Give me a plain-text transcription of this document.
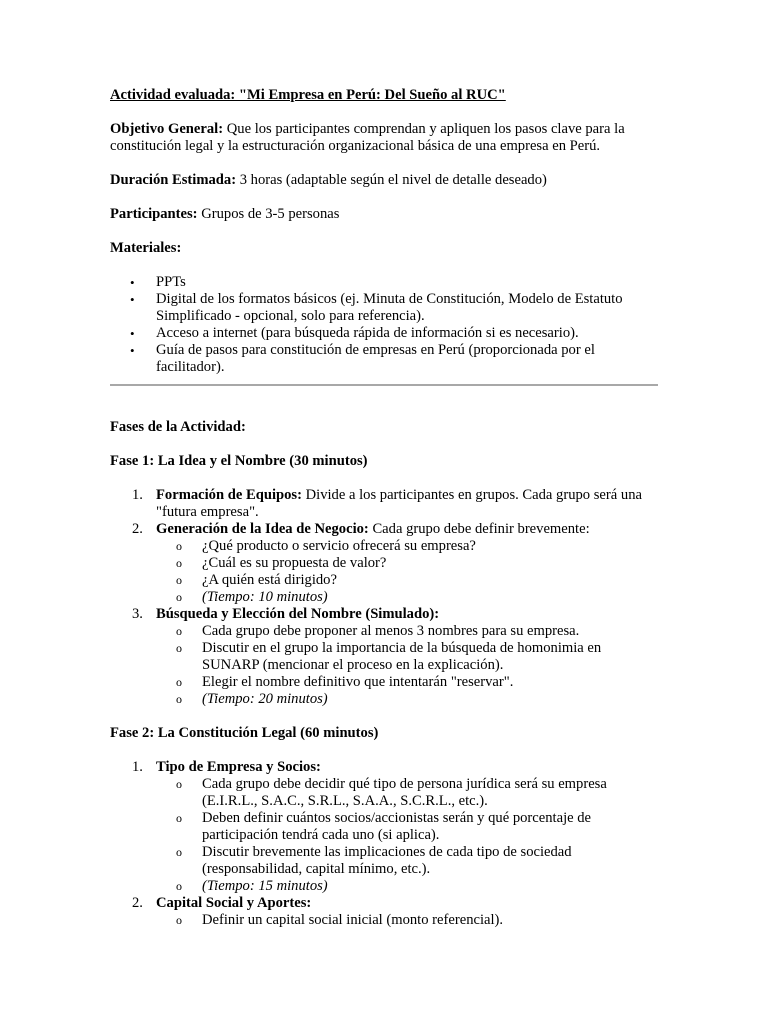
Actividad evaluada: "Mi Empresa en Perú: Del Sueño al RUC"

Objetivo General: Que los participantes comprendan y apliquen los pasos clave para la constitución legal y la estructuración organizacional básica de una empresa en Perú.

Duración Estimada: 3 horas (adaptable según el nivel de detalle deseado)

Participantes: Grupos de 3-5 personas

Materiales:

• PPTs
• Digital de los formatos básicos (ej. Minuta de Constitución, Modelo de Estatuto Simplificado - opcional, solo para referencia).
• Acceso a internet (para búsqueda rápida de información si es necesario).
• Guía de pasos para constitución de empresas en Perú (proporcionada por el facilitador).

Fases de la Actividad:

Fase 1: La Idea y el Nombre (30 minutos)

1. Formación de Equipos: Divide a los participantes en grupos. Cada grupo será una "futura empresa".
2. Generación de la Idea de Negocio: Cada grupo debe definir brevemente:
o ¿Qué producto o servicio ofrecerá su empresa?
o ¿Cuál es su propuesta de valor?
o ¿A quién está dirigido?
o (Tiempo: 10 minutos)
3. Búsqueda y Elección del Nombre (Simulado):
o Cada grupo debe proponer al menos 3 nombres para su empresa.
o Discutir en el grupo la importancia de la búsqueda de homonimia en SUNARP (mencionar el proceso en la explicación).
o Elegir el nombre definitivo que intentarán "reservar".
o (Tiempo: 20 minutos)

Fase 2: La Constitución Legal (60 minutos)

1. Tipo de Empresa y Socios:
o Cada grupo debe decidir qué tipo de persona jurídica será su empresa (E.I.R.L., S.A.C., S.R.L., S.A.A., S.C.R.L., etc.).
o Deben definir cuántos socios/accionistas serán y qué porcentaje de participación tendrá cada uno (si aplica).
o Discutir brevemente las implicaciones de cada tipo de sociedad (responsabilidad, capital mínimo, etc.).
o (Tiempo: 15 minutos)
2. Capital Social y Aportes:
o Definir un capital social inicial (monto referencial).
